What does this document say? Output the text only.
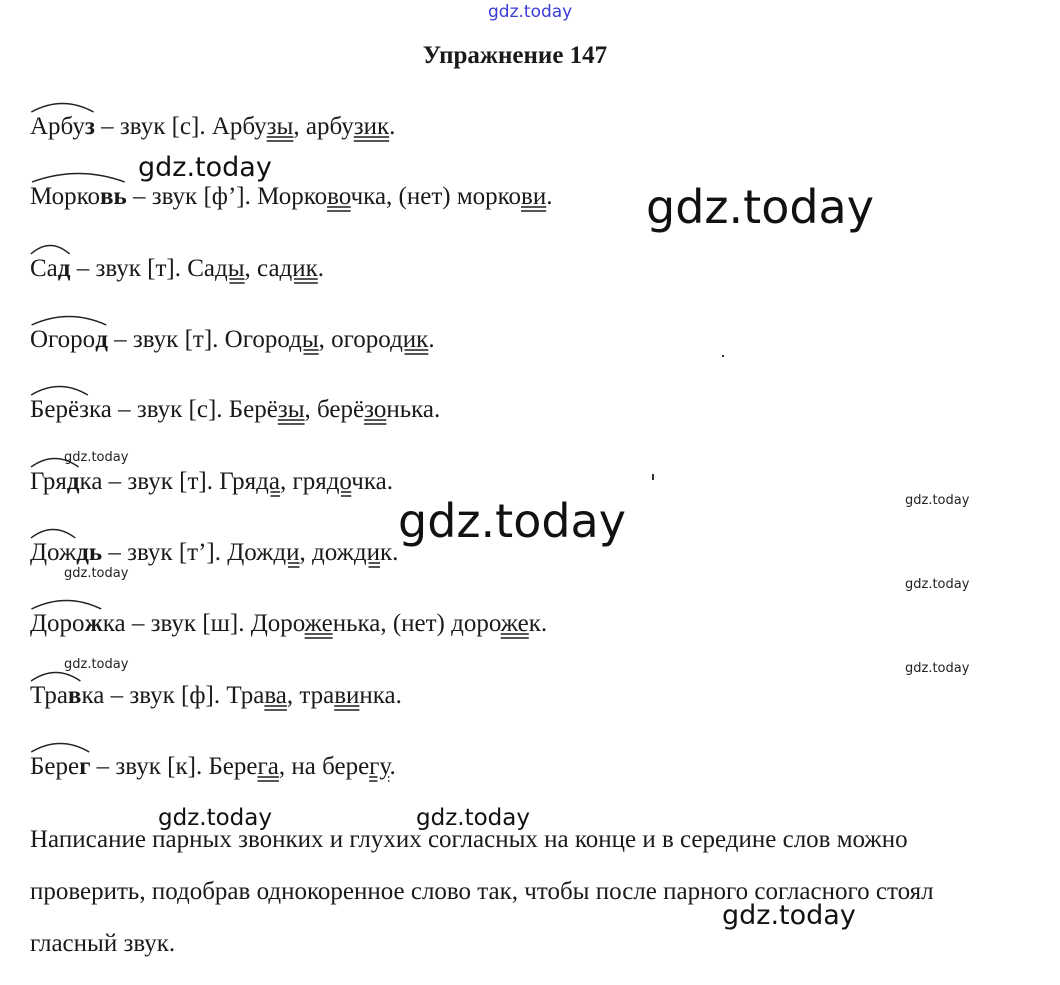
gdz.today
gdz.today
gdz.today
gdz.today
gdz.today
gdz.today
gdz.today
gdz.today
gdz.today	gdz.today
gdz.today	gdz.today
gdz.today
Упражнение 147
Арбуз – звук [с]. Арбузы, арбузик.
Морковь – звук [ф’]. Морковочка, (нет) моркови.
Сад – звук [т]. Сады, садик.
Огород – звук [т]. Огороды, огородик.
Берёзка – звук [с]. Берёзы, берёзонька.
Грядка – звук [т]. Гряда, грядочка.
Дождь – звук [т’]. Дожди, дождик.
Дорожка – звук [ш]. Дороженька, (нет) дорожек.
Травка – звук [ф]. Трава, травинка.
Берег – звук [к]. Берега, на берегу.
Написание парных звонких и глухих согласных на конце и в середине слов можно проверить, подобрав однокоренное слово так, чтобы после парного согласного стоял гласный звук.
